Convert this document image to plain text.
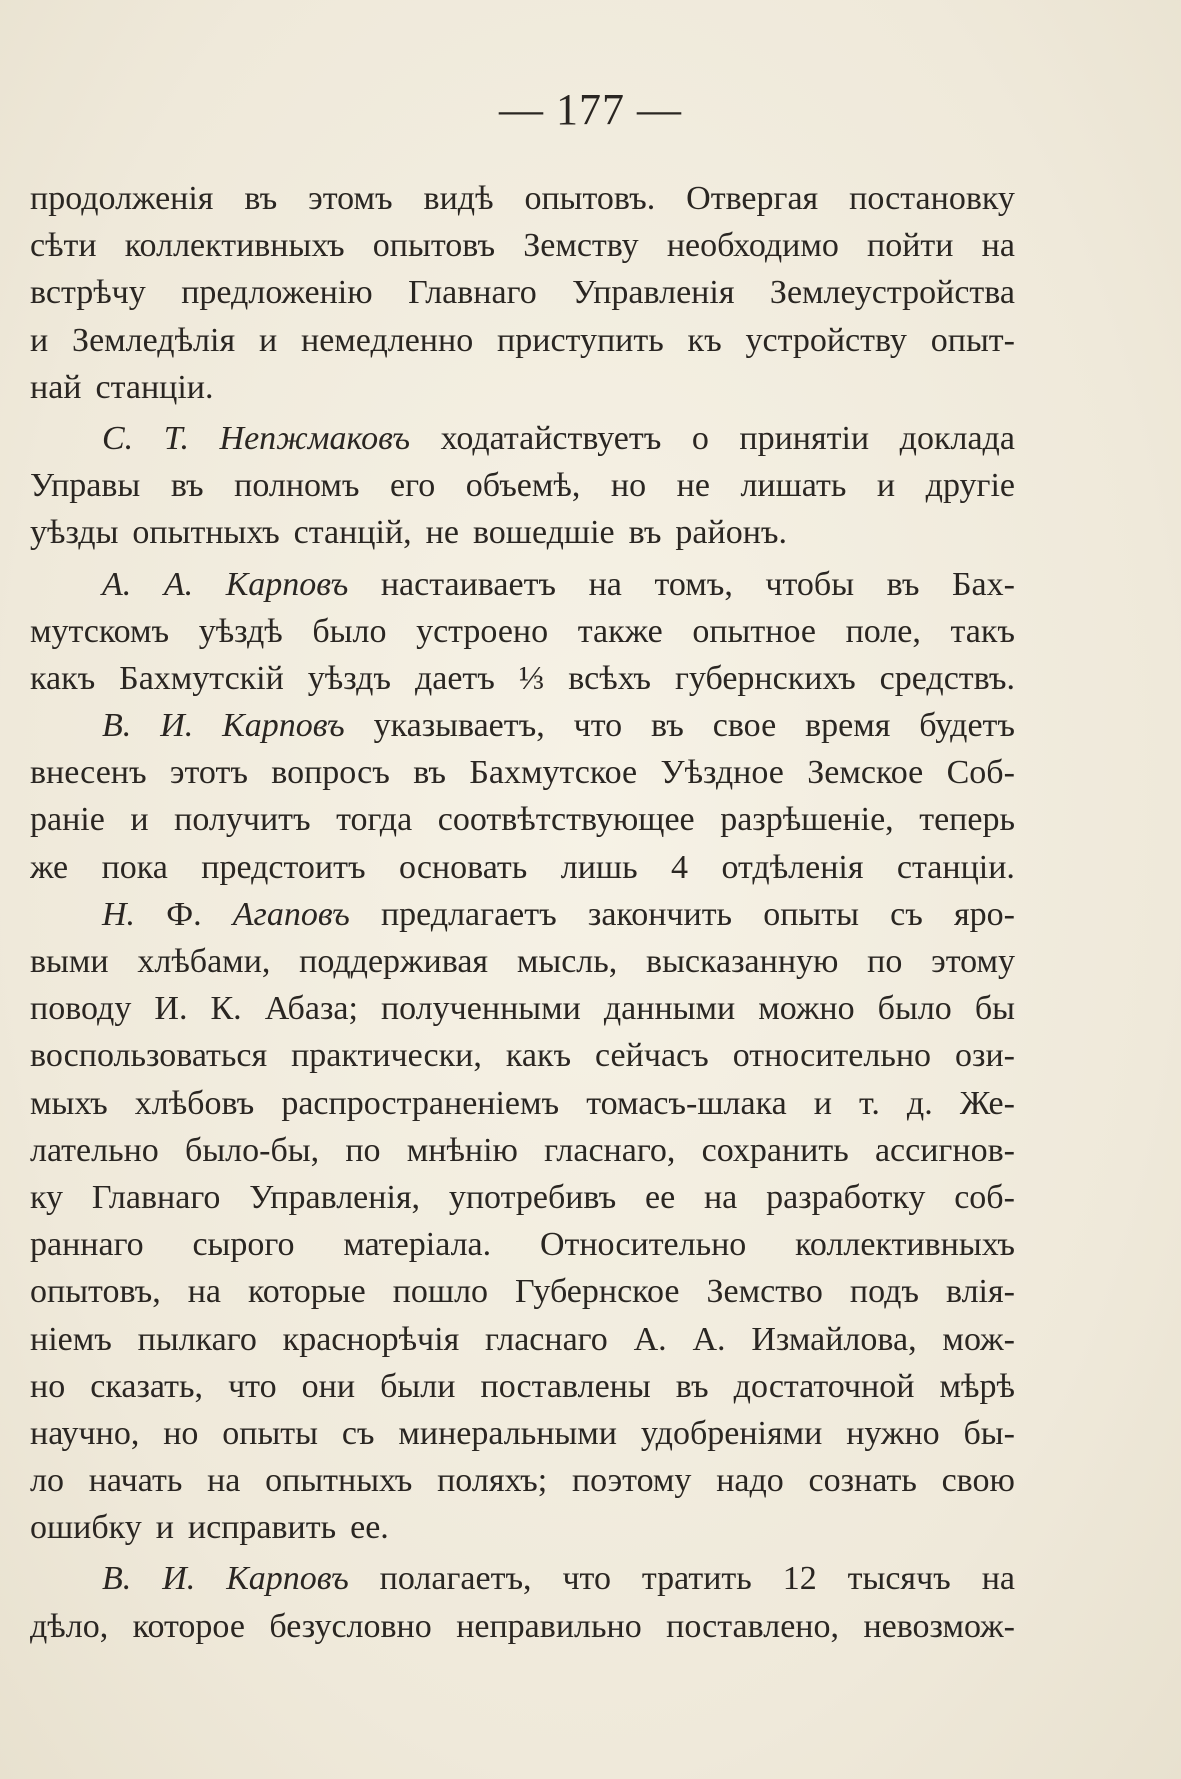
— 177 —
продолженія въ этомъ видѣ опытовъ. Отвергая постановку
сѣти коллективныхъ опытовъ Земству необходимо пойти на
встрѣчу предложенію Главнаго Управленія Землеустройства
и Земледѣлія и немедленно приступить къ устройству опыт-
най станціи.
С. Т. Непжмаковъ ходатайствуетъ о принятіи доклада
Управы въ полномъ его объемѣ, но не лишать и другіе
уѣзды опытныхъ станцій, не вошедшіе въ районъ.
А. А. Карповъ настаиваетъ на томъ, чтобы въ Бах-
мутскомъ уѣздѣ было устроено также опытное поле, такъ
какъ Бахмутскій уѣздъ даетъ ⅓ всѣхъ губернскихъ средствъ.
В. И. Карповъ указываетъ, что въ свое время будетъ
внесенъ этотъ вопросъ въ Бахмутское Уѣздное Земское Соб-
раніе и получитъ тогда соотвѣтствующее разрѣшеніе, теперь
же пока предстоитъ основать лишь 4 отдѣленія станціи.
Н. Ф. Агаповъ предлагаетъ закончить опыты съ яро-
выми хлѣбами, поддерживая мысль, высказанную по этому
поводу И. К. Абаза; полученными данными можно было бы
воспользоваться практически, какъ сейчасъ относительно ози-
мыхъ хлѣбовъ распространеніемъ томасъ-шлака и т. д. Же-
лательно было-бы, по мнѣнію гласнаго, сохранить ассигнов-
ку Главнаго Управленія, употребивъ ее на разработку соб-
раннаго сырого матеріала. Относительно коллективныхъ
опытовъ, на которые пошло Губернское Земство подъ влія-
ніемъ пылкаго краснорѣчія гласнаго А. А. Измайлова, мож-
но сказать, что они были поставлены въ достаточной мѣрѣ
научно, но опыты съ минеральными удобреніями нужно бы-
ло начать на опытныхъ поляхъ; поэтому надо сознать свою
ошибку и исправить ее.
В. И. Карповъ полагаетъ, что тратить 12 тысячъ на
дѣло, которое безусловно неправильно поставлено, невозмож-
